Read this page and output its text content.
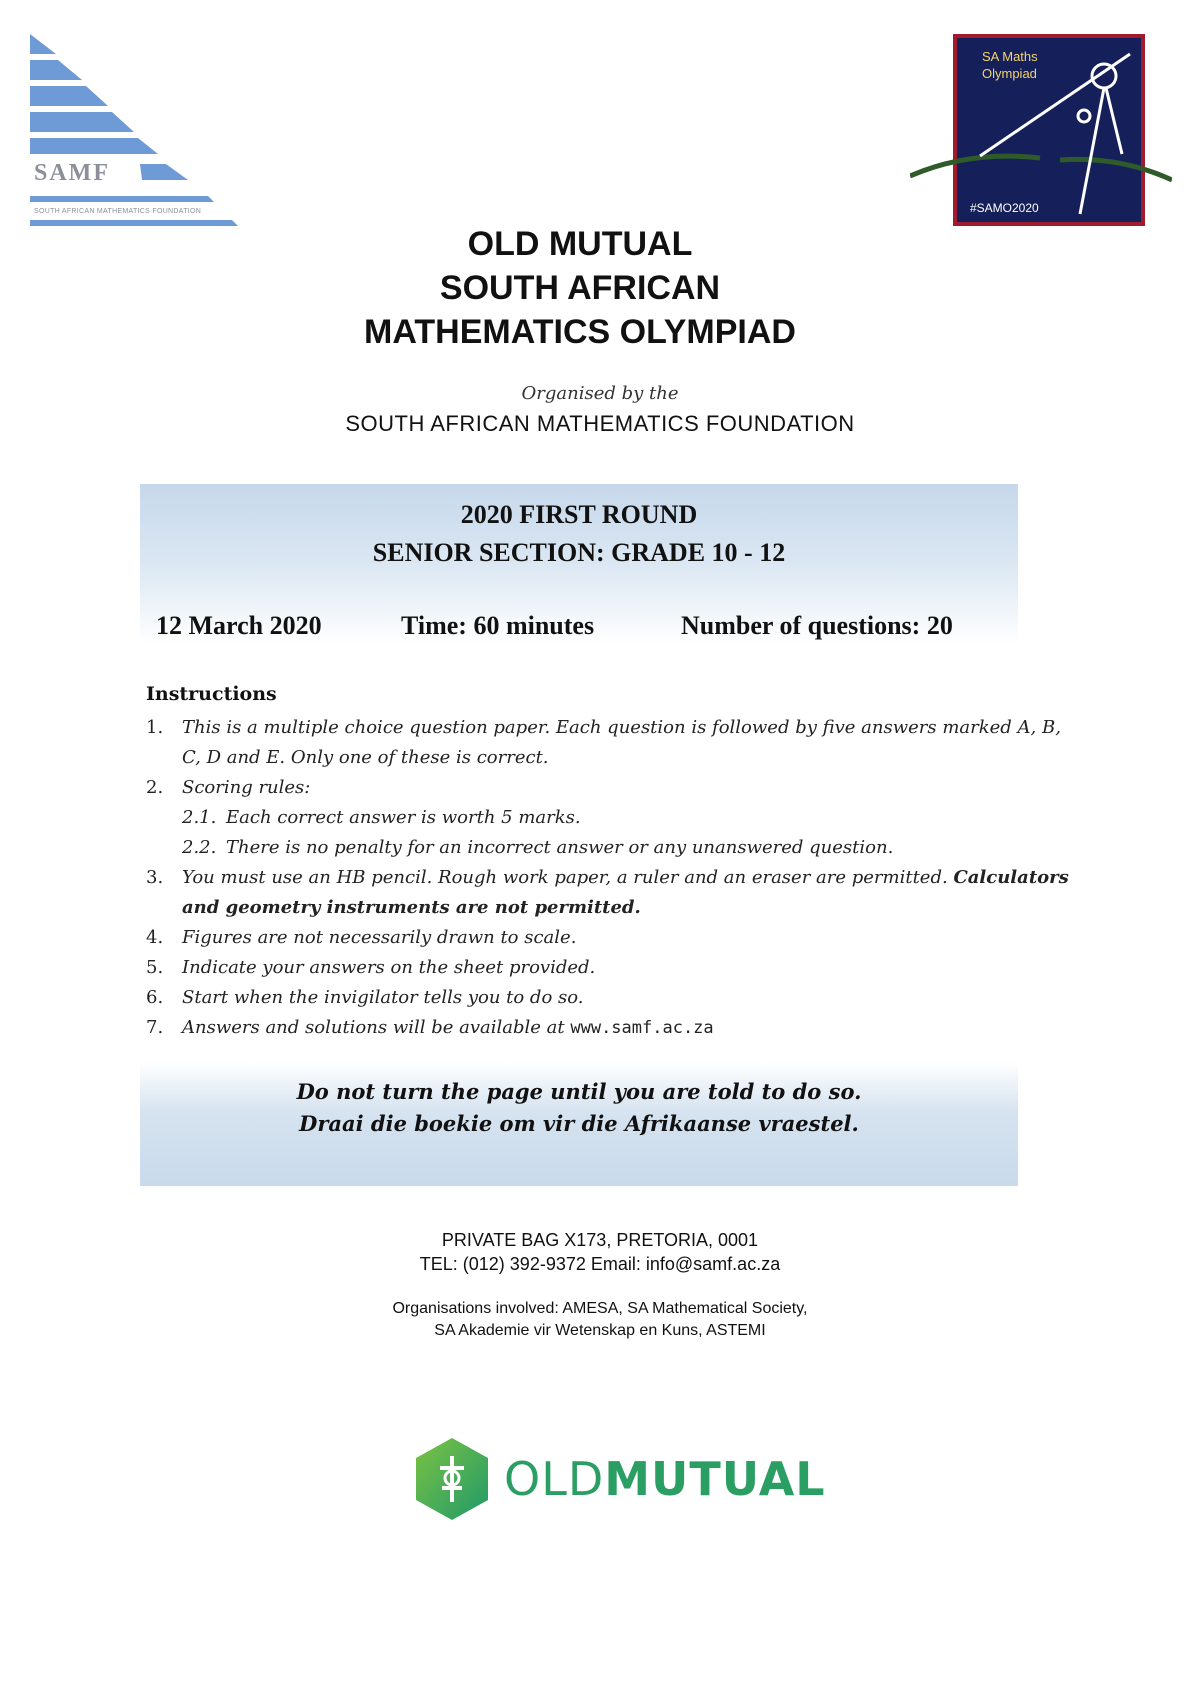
SAMF
SOUTH AFRICAN MATHEMATICS FOUNDATION
SA Maths
Olympiad
#SAMO2020
OLD MUTUAL
SOUTH AFRICAN
MATHEMATICS OLYMPIAD
Organised by the
SOUTH AFRICAN MATHEMATICS FOUNDATION
2020 FIRST ROUND
SENIOR SECTION: GRADE 10 - 12
12 March 2020	Time: 60 minutes	Number of questions: 20
Instructions
1. This is a multiple choice question paper. Each question is followed by five answers marked A, B,
C, D and E. Only one of these is correct.
2. Scoring rules:
2.1. Each correct answer is worth 5 marks.
2.2. There is no penalty for an incorrect answer or any unanswered question.
3. You must use an HB pencil. Rough work paper, a ruler and an eraser are permitted. Calculators
and geometry instruments are not permitted.
4. Figures are not necessarily drawn to scale.
5. Indicate your answers on the sheet provided.
6. Start when the invigilator tells you to do so.
7. Answers and solutions will be available at www.samf.ac.za
Do not turn the page until you are told to do so.
Draai die boekie om vir die Afrikaanse vraestel.
PRIVATE BAG X173, PRETORIA, 0001
TEL: (012) 392-9372 Email: info@samf.ac.za
Organisations involved: AMESA, SA Mathematical Society,
SA Akademie vir Wetenskap en Kuns, ASTEMI
OLDMUTUAL
